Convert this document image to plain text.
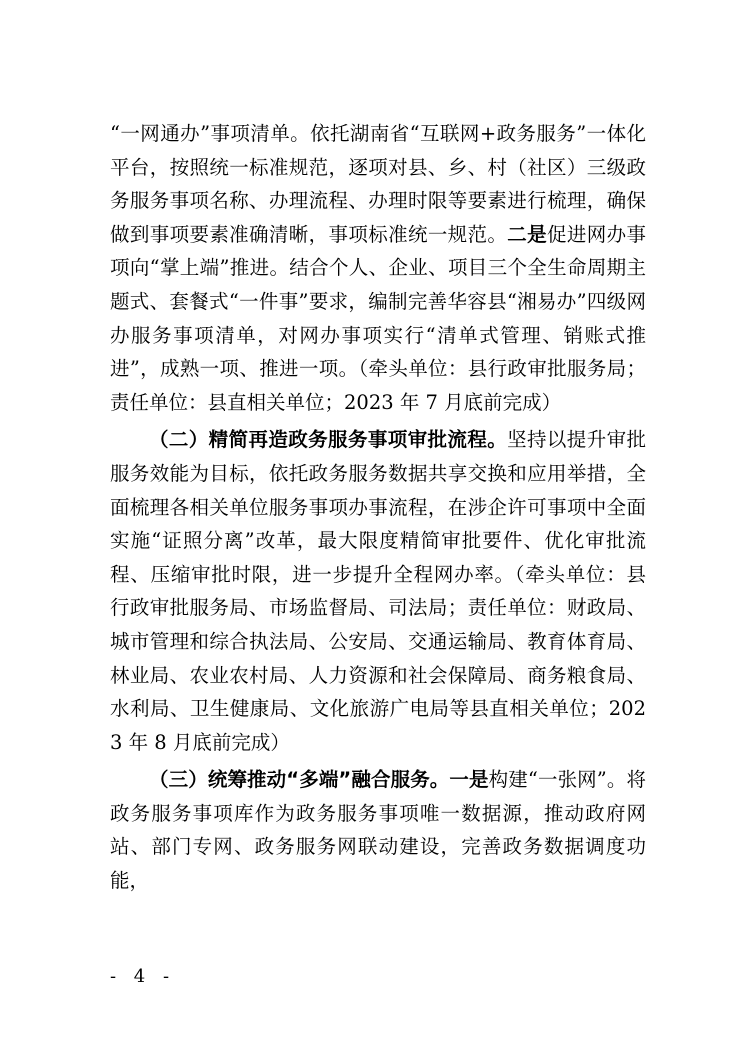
“一网通办”事项清单。依托湖南省“互联网+政务服务”一体化平台，按照统一标准规范，逐项对县、乡、村（社区）三级政务服务事项名称、办理流程、办理时限等要素进行梳理，确保做到事项要素准确清晰，事项标准统一规范。二是促进网办事项向“掌上端”推进。结合个人、企业、项目三个全生命周期主题式、套餐式“一件事”要求，编制完善华容县“湘易办”四级网办服务事项清单，对网办事项实行“清单式管理、销账式推进”，成熟一项、推进一项。（牵头单位：县行政审批服务局；责任单位：县直相关单位；2023 年 7 月底前完成）

（二）精简再造政务服务事项审批流程。坚持以提升审批服务效能为目标，依托政务服务数据共享交换和应用举措，全面梳理各相关单位服务事项办事流程，在涉企许可事项中全面实施“证照分离”改革，最大限度精简审批要件、优化审批流程、压缩审批时限，进一步提升全程网办率。（牵头单位：县行政审批服务局、市场监督局、司法局；责任单位：财政局、城市管理和综合执法局、公安局、交通运输局、教育体育局、林业局、农业农村局、人力资源和社会保障局、商务粮食局、水利局、卫生健康局、文化旅游广电局等县直相关单位；2023 年 8 月底前完成）

（三）统筹推动“多端”融合服务。一是构建“一张网”。将政务服务事项库作为政务服务事项唯一数据源，推动政府网站、部门专网、政务服务网联动建设，完善政务数据调度功能，

- 4 -
